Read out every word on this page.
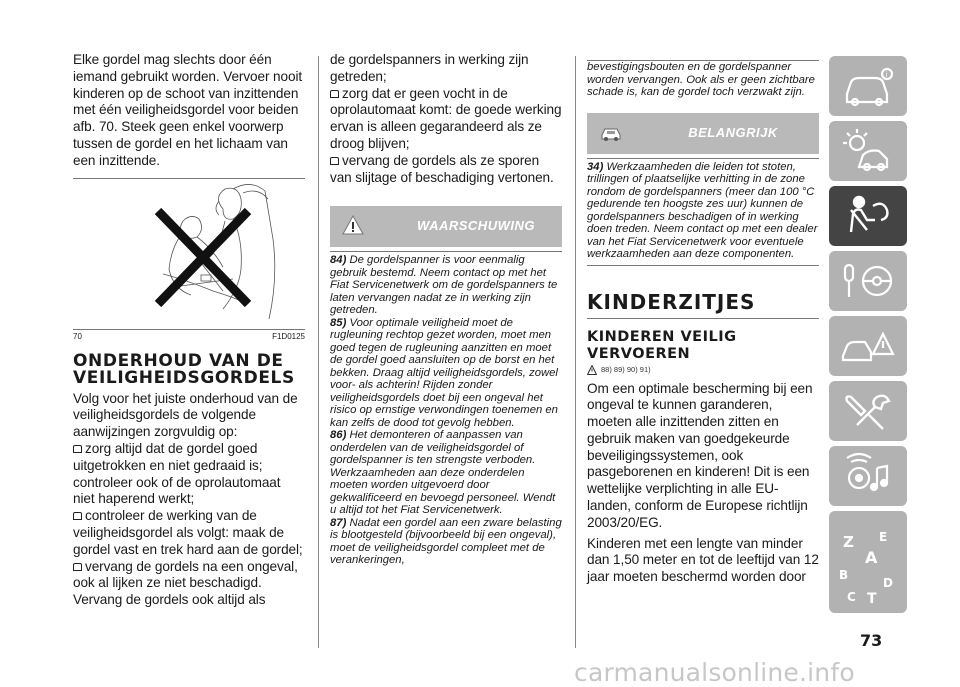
Elke gordel mag slechts door één iemand gebruikt worden. Vervoer nooit kinderen op de schoot van inzittenden met één veiligheidsgordel voor beiden afb. 70. Steek geen enkel voorwerp tussen de gordel en het lichaam van een inzittende.

70	F1D0125
ONDERHOUD VAN DE VEILIGHEIDSGORDELS

Volg voor het juiste onderhoud van de veiligheidsgordels de volgende aanwijzingen zorgvuldig op:

zorg altijd dat de gordel goed uitgetrokken en niet gedraaid is; controleer ook of de oprolautomaat niet haperend werkt;

controleer de werking van de veiligheidsgordel als volgt: maak de gordel vast en trek hard aan de gordel;

vervang de gordels na een ongeval, ook al lijken ze niet beschadigd. Vervang de gordels ook altijd als

de gordelspanners in werking zijn getreden;

zorg dat er geen vocht in de oprolautomaat komt: de goede werking ervan is alleen gegarandeerd als ze droog blijven;

vervang de gordels als ze sporen van slijtage of beschadiging vertonen.

WAARSCHUWING

84) De gordelspanner is voor eenmalig gebruik bestemd. Neem contact op met het Fiat Servicenetwerk om de gordelspanners te laten vervangen nadat ze in werking zijn getreden.

85) Voor optimale veiligheid moet de rugleuning rechtop gezet worden, moet men goed tegen de rugleuning aanzitten en moet de gordel goed aansluiten op de borst en het bekken. Draag altijd veiligheidsgordels, zowel voor- als achterin! Rijden zonder veiligheidsgordels doet bij een ongeval het risico op ernstige verwondingen toenemen en kan zelfs de dood tot gevolg hebben.

86) Het demonteren of aanpassen van onderdelen van de veiligheidsgordel of gordelspanner is ten strengste verboden. Werkzaamheden aan deze onderdelen moeten worden uitgevoerd door gekwalificeerd en bevoegd personeel. Wendt u altijd tot het Fiat Servicenetwerk.

87) Nadat een gordel aan een zware belasting is blootgesteld (bijvoorbeeld bij een ongeval), moet de veiligheidsgordel compleet met de verankeringen,

bevestigingsbouten en de gordelspanner worden vervangen. Ook als er geen zichtbare schade is, kan de gordel toch verzwakt zijn.

BELANGRIJK

34) Werkzaamheden die leiden tot stoten, trillingen of plaatselijke verhitting in de zone rondom de gordelspanners (meer dan 100 °C gedurende ten hoogste zes uur) kunnen de gordelspanners beschadigen of in werking doen treden. Neem contact op met een dealer van het Fiat Servicenetwerk voor eventuele werkzaamheden aan deze componenten.

KINDERZITJES
KINDEREN VEILIG VERVOEREN
88) 89) 90) 91)

Om een optimale bescherming bij een ongeval te kunnen garanderen, moeten alle inzittenden zitten en gebruik maken van goedgekeurde beveiligingssystemen, ook pasgeborenen en kinderen! Dit is een wettelijke verplichting in alle EU-landen, conform de Europese richtlijn 2003/20/EG.

Kinderen met een lengte van minder dan 1,50 meter en tot de leeftijd van 12 jaar moeten beschermd worden door

i
Z E
A
B
C T
D
73
carmanualsonline.info
